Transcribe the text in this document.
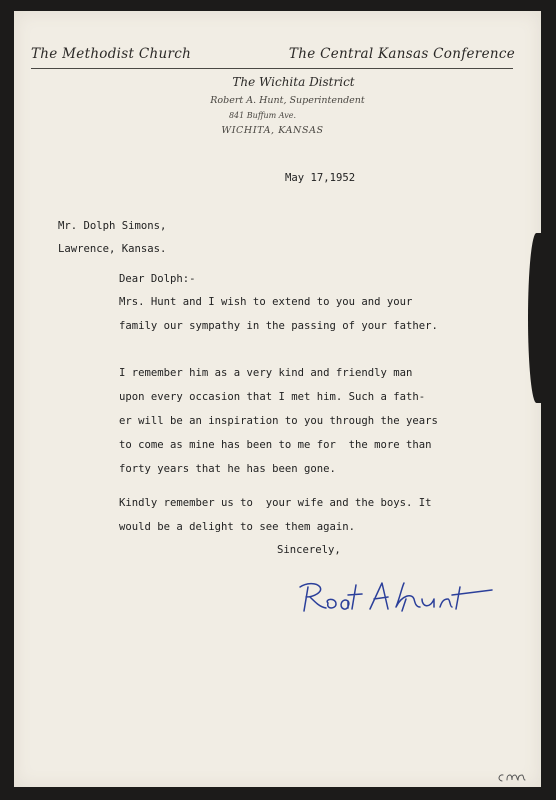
The Methodist Church	The Central Kansas Conference
The Wichita District
Robert A. Hunt, Superintendent
841 Buffum Ave.
WICHITA, KANSAS
May 17,1952
Mr. Dolph Simons,
Lawrence, Kansas.
Dear Dolph:-
Mrs. Hunt and I wish to extend to you and your
family our sympathy in the passing of your father.
I remember him as a very kind and friendly man
upon every occasion that I met him. Such a fath-
er will be an inspiration to you through the years
to come as mine has been to me for  the more than
forty years that he has been gone.
Kindly remember us to  your wife and the boys. It
would be a delight to see them again.
Sincerely,
